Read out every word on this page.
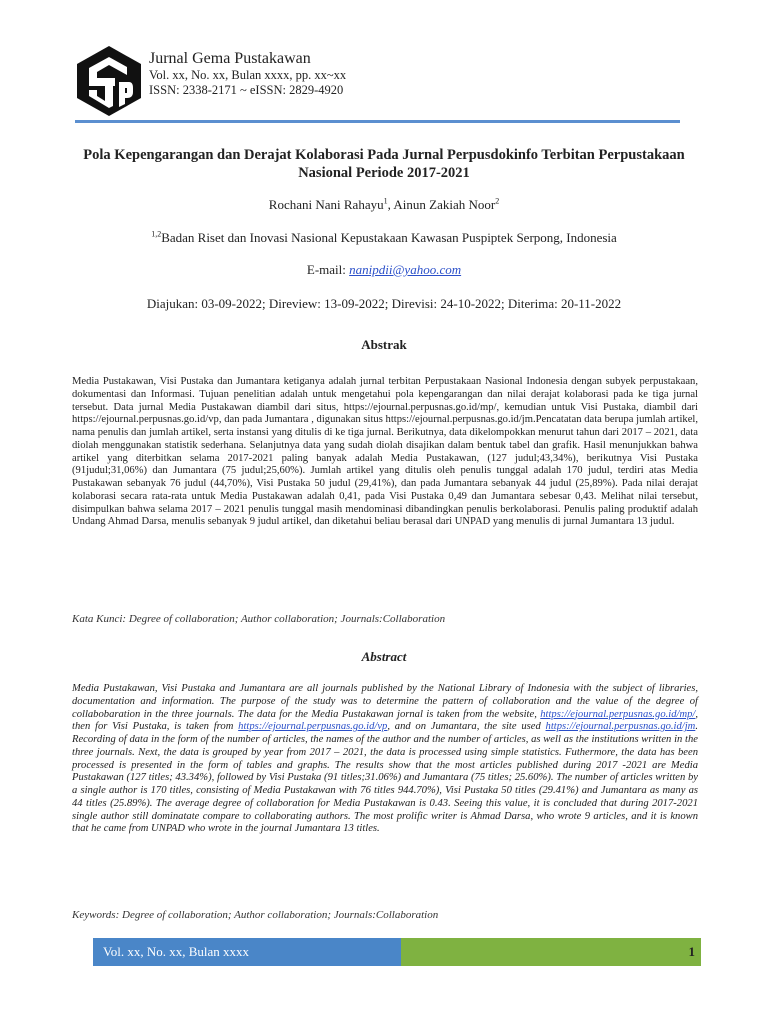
Jurnal Gema Pustakawan
Vol. xx, No. xx, Bulan xxxx, pp. xx~xx
ISSN: 2338-2171 ~ eISSN: 2829-4920
Pola Kepengarangan dan Derajat Kolaborasi Pada Jurnal Perpusdokinfo Terbitan Perpustakaan Nasional Periode 2017-2021
Rochani Nani Rahayu$^1$, Ainun Zakiah Noor$^2$
$^{1,2}$Badan Riset dan Inovasi Nasional Kepustakaan Kawasan Puspiptek Serpong, Indonesia
E-mail: nanipdii@yahoo.com
Diajukan: 03-09-2022; Direview: 13-09-2022; Direvisi: 24-10-2022; Diterima: 20-11-2022
Abstrak
Media Pustakawan, Visi Pustaka dan Jumantara ketiganya adalah jurnal terbitan Perpustakaan Nasional Indonesia dengan subyek perpustakaan, dokumentasi dan Informasi. Tujuan penelitian adalah untuk mengetahui pola kepengarangan dan nilai derajat kolaborasi pada ke tiga jurnal tersebut. Data jurnal Media Pustakawan diambil dari situs, https://ejournal.perpusnas.go.id/mp/, kemudian untuk Visi Pustaka, diambil dari https://ejournal.perpusnas.go.id/vp, dan pada Jumantara , digunakan situs https://ejournal.perpusnas.go.id/jm.Pencatatan data berupa jumlah artikel, nama penulis dan jumlah artikel, serta instansi yang ditulis di ke tiga jurnal. Berikutnya, data dikelompokkan menurut tahun dari 2017 – 2021, data diolah menggunakan statistik sederhana. Selanjutnya data yang sudah diolah disajikan dalam bentuk tabel dan grafik. Hasil menunjukkan bahwa artikel yang diterbitkan selama 2017-2021 paling banyak adalah Media Pustakawan, (127 judul;43,34%), berikutnya Visi Pustaka (91judul;31,06%) dan Jumantara (75 judul;25,60%). Jumlah artikel yang ditulis oleh penulis tunggal adalah 170 judul, terdiri atas Media Pustakawan sebanyak 76 judul (44,70%), Visi Pustaka 50 judul (29,41%), dan pada Jumantara sebanyak 44 judul (25,89%). Pada nilai derajat kolaborasi secara rata-rata untuk Media Pustakawan adalah 0,41, pada Visi Pustaka 0,49 dan Jumantara sebesar 0,43. Melihat nilai tersebut, disimpulkan bahwa selama 2017 – 2021 penulis tunggal masih mendominasi dibandingkan penulis berkolaborasi. Penulis paling produktif adalah Undang Ahmad Darsa, menulis sebanyak 9 judul artikel, dan diketahui beliau berasal dari UNPAD yang menulis di jurnal Jumantara 13 judul.
Kata Kunci: Degree of collaboration; Author collaboration; Journals:Collaboration
Abstract
Media Pustakawan, Visi Pustaka and Jumantara are all journals published by the National Library of Indonesia with the subject of libraries, documentation and information. The purpose of the study was to determine the pattern of collaboration and the value of the degree of collabobaration in the three journals. The data for the Media Pustakawan jornal is taken from the website, https://ejournal.perpusnas.go.id/mp/, then for Visi Pustaka, is taken from https://ejournal.perpusnas.go.id/vp, and on Jumantara, the site used https://ejournal.perpusnas.go.id/jm. Recording of data in the form of the number of articles, the names of the author and the number of articles, as well as the institutions written in the three journals. Next, the data is grouped by year from 2017 – 2021, the data is processed using simple statistics. Futhermore, the data has been processed is presented in the form of tables and graphs. The results show that the most articles published during 2017 -2021 are Media Pustakawan (127 titles; 43.34%), followed by Visi Pustaka (91 titles;31.06%) and Jumantara (75 titles; 25.60%). The number of articles written by a single author is 170 titles, consisting of Media Pustakawan with 76 titles 944.70%), Visi Pustaka 50 titles (29.41%) and Jumantara as many as 44 titles (25.89%). The average degree of collaboration for Media Pustakawan is 0.43. Seeing this value, it is concluded that during 2017-2021 single author still dominatate compare to collaborating authors. The most prolific writer is Ahmad Darsa, who wrote 9 articles, and it is known that he came from UNPAD who wrote in the journal Jumantara 13 titles.
Keywords: Degree of collaboration; Author collaboration; Journals:Collaboration
Vol. xx, No. xx, Bulan xxxx	1
